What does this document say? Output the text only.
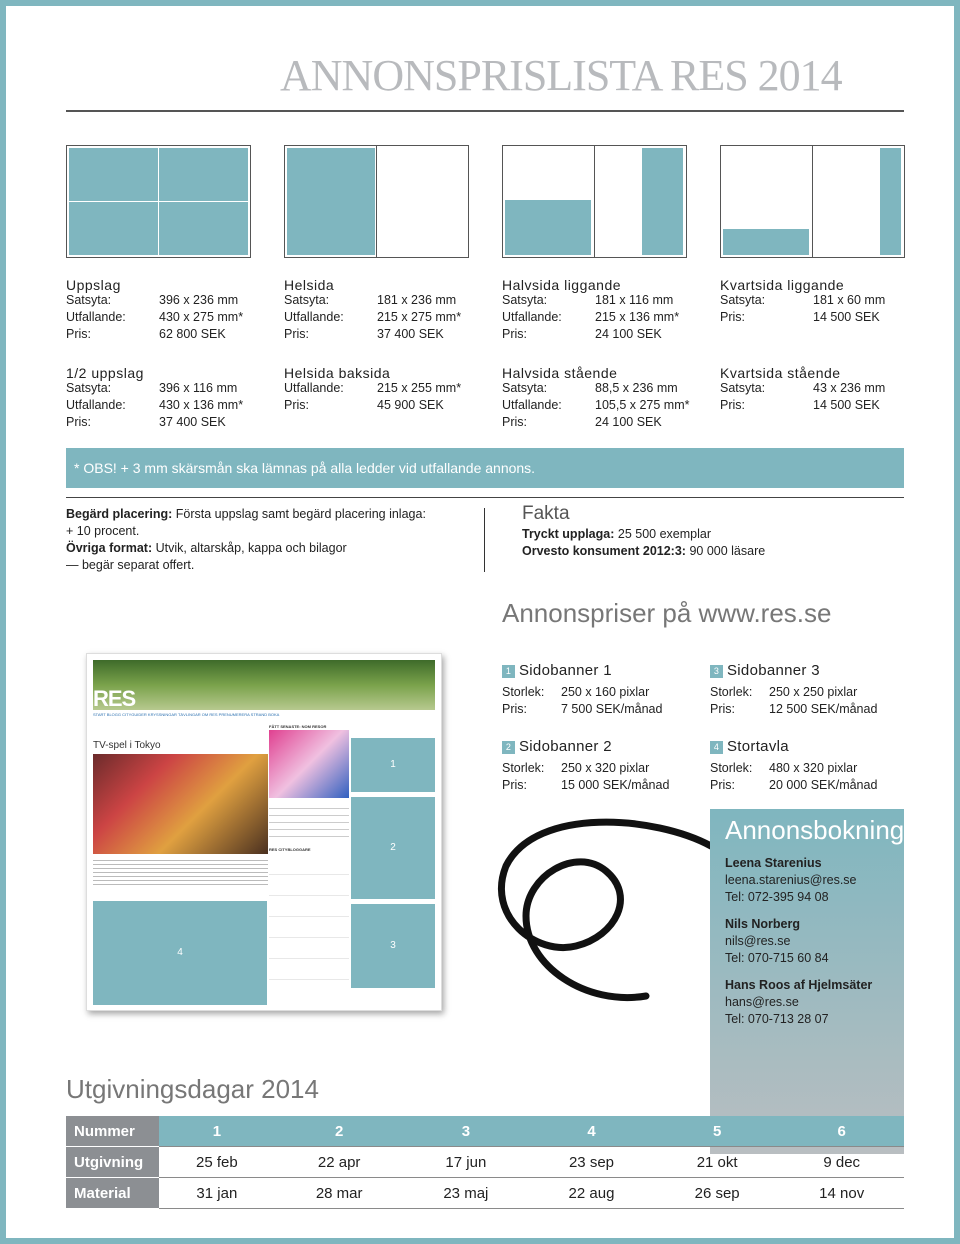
ANNONSPRISLISTA RES 2014
Uppslag
Satsyta:	396 x 236 mm
Utfallande:	430 x 275 mm*
Pris:	62 800 SEK
Helsida
Satsyta:	181 x 236 mm
Utfallande:	215 x 275 mm*
Pris:	37 400 SEK
Halvsida liggande
Satsyta:	181 x 116 mm
Utfallande:	215 x 136 mm*
Pris:	24 100 SEK
Kvartsida liggande
Satsyta:	181 x 60 mm
Pris:	14 500 SEK
1/2 uppslag
Satsyta:	396 x 116 mm
Utfallande:	430 x 136 mm*
Pris:	37 400 SEK
Helsida baksida
Utfallande:	215 x 255 mm*
Pris:	45 900 SEK
Halvsida stående
Satsyta:	88,5 x 236 mm
Utfallande:	105,5 x 275 mm*
Pris:	24 100 SEK
Kvartsida stående
Satsyta:	43 x 236 mm
Pris:	14 500 SEK
* OBS! + 3 mm skärsmån ska lämnas på alla ledder vid utfallande annons.
Begärd placering: Första uppslag samt begärd placering inlaga:
+ 10 procent.
Övriga format: Utvik, altarskåp, kappa och bilagor
— begär separat offert.
Fakta
Tryckt upplaga: 25 500 exemplar
Orvesto konsument 2012:3: 90 000 läsare
Annonspriser på www.res.se
RES
START BLOGG CITYGUIDER KRYSSNINGAR TÄVLINGAR OM RES PRENUMERERA STRAND BOKA
TV-spel i Tokyo
FÅTT SENASTE: NOM RESOR
RES CITYBLOGGARE
1
2
3
4
1 Sidobanner 1
Storlek: 250 x 160 pixlar
Pris:	7 500 SEK/månad
3 Sidobanner 3
Storlek: 250 x 250 pixlar
Pris:	12 500 SEK/månad
2 Sidobanner 2
Storlek: 250 x 320 pixlar
Pris:	15 000 SEK/månad
4 Stortavla
Storlek: 480 x 320 pixlar
Pris:	20 000 SEK/månad
Annonsbokning
Leena Starenius
leena.starenius@res.se
Tel: 072-395 94 08
Nils Norberg
nils@res.se
Tel: 070-715 60 84
Hans Roos af Hjelmsäter
hans@res.se
Tel: 070-713 28 07
Utgivningsdagar 2014
Nummer	1	2	3	4	5	6
Utgivning	25 feb	22 apr	17 jun	23 sep	21 okt	9 dec
Material	31 jan	28 mar	23 maj	22 aug	26 sep	14 nov
